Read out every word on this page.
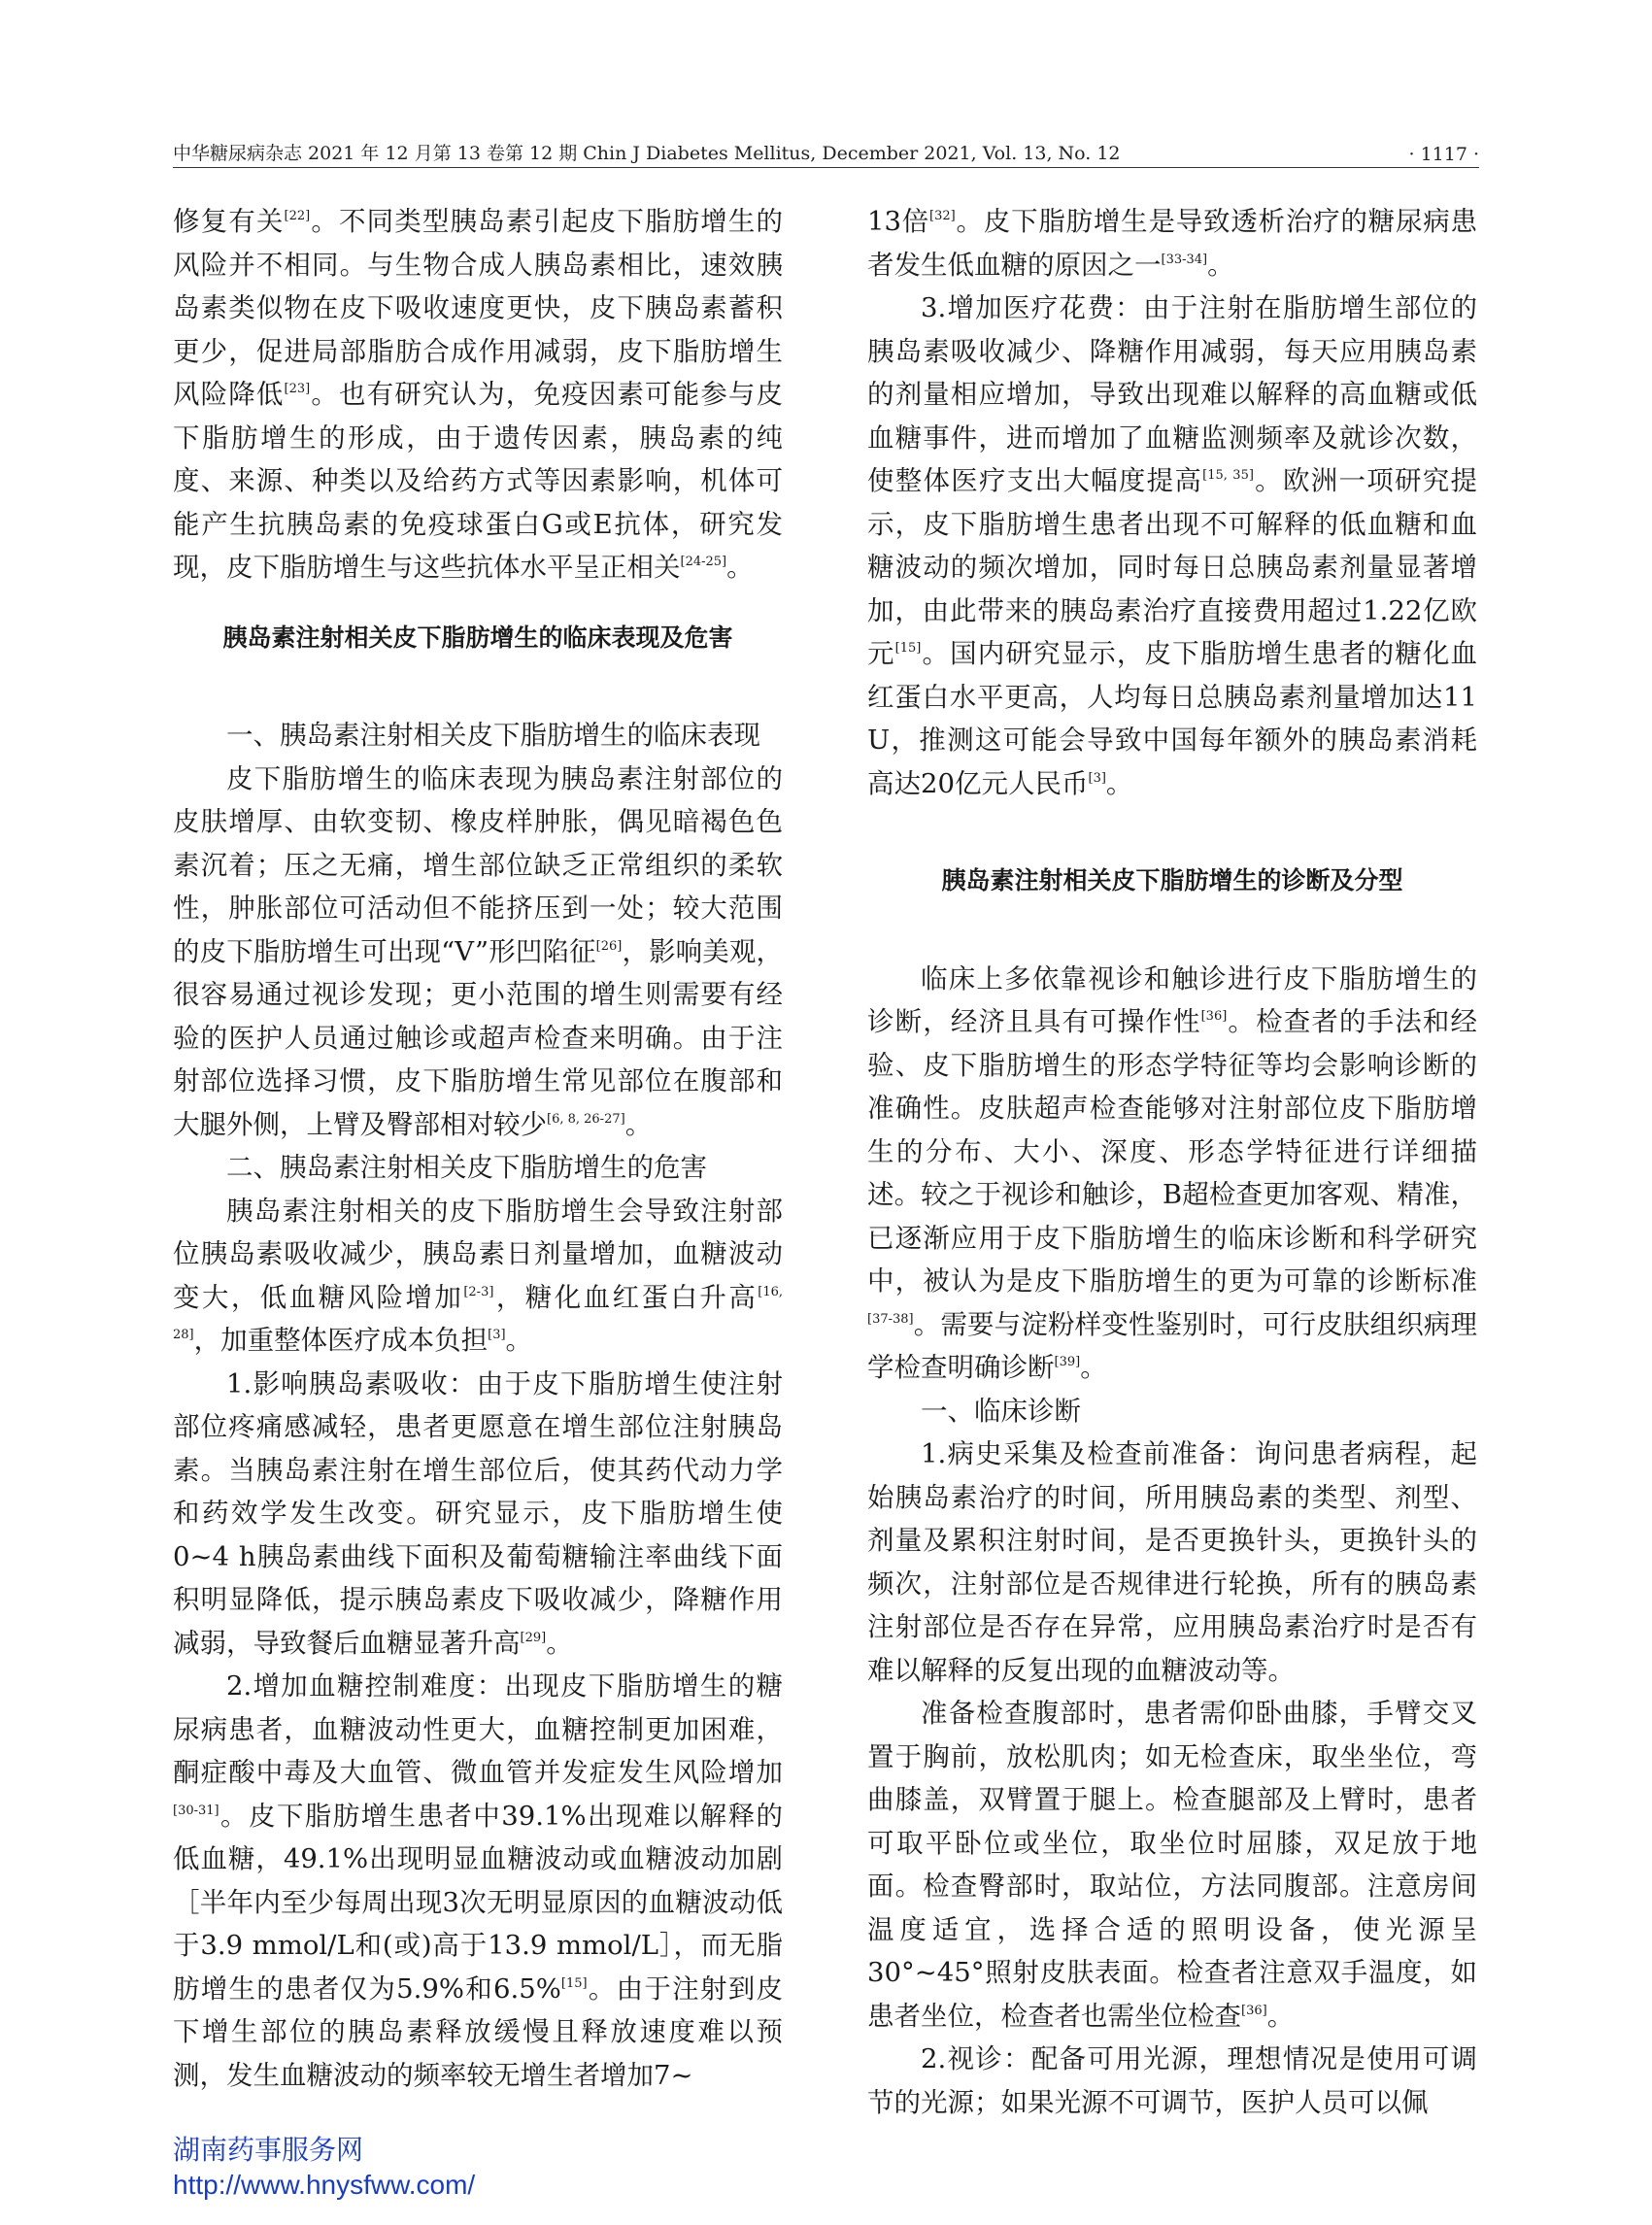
中华糖尿病杂志 2021 年 12 月第 13 卷第 12 期 Chin J Diabetes Mellitus, December 2021, Vol. 13, No. 12	· 1117 ·

修复有关[22]。不同类型胰岛素引起皮下脂肪增生的风险并不相同。与生物合成人胰岛素相比，速效胰岛素类似物在皮下吸收速度更快，皮下胰岛素蓄积更少，促进局部脂肪合成作用减弱，皮下脂肪增生风险降低[23]。也有研究认为，免疫因素可能参与皮下脂肪增生的形成，由于遗传因素，胰岛素的纯度、来源、种类以及给药方式等因素影响，机体可能产生抗胰岛素的免疫球蛋白G或E抗体，研究发现，皮下脂肪增生与这些抗体水平呈正相关[24-25]。

胰岛素注射相关皮下脂肪增生的临床表现及危害

一、胰岛素注射相关皮下脂肪增生的临床表现

皮下脂肪增生的临床表现为胰岛素注射部位的皮肤增厚、由软变韧、橡皮样肿胀，偶见暗褐色色素沉着；压之无痛，增生部位缺乏正常组织的柔软性，肿胀部位可活动但不能挤压到一处；较大范围的皮下脂肪增生可出现“V”形凹陷征[26]，影响美观，很容易通过视诊发现；更小范围的增生则需要有经验的医护人员通过触诊或超声检查来明确。由于注射部位选择习惯，皮下脂肪增生常见部位在腹部和大腿外侧，上臂及臀部相对较少[6, 8, 26-27]。

二、胰岛素注射相关皮下脂肪增生的危害

胰岛素注射相关的皮下脂肪增生会导致注射部位胰岛素吸收减少，胰岛素日剂量增加，血糖波动变大，低血糖风险增加[2-3]，糖化血红蛋白升高[16, 28]，加重整体医疗成本负担[3]。

1.影响胰岛素吸收：由于皮下脂肪增生使注射部位疼痛感减轻，患者更愿意在增生部位注射胰岛素。当胰岛素注射在增生部位后，使其药代动力学和药效学发生改变。研究显示，皮下脂肪增生使0~4 h胰岛素曲线下面积及葡萄糖输注率曲线下面积明显降低，提示胰岛素皮下吸收减少，降糖作用减弱，导致餐后血糖显著升高[29]。

2.增加血糖控制难度：出现皮下脂肪增生的糖尿病患者，血糖波动性更大，血糖控制更加困难，酮症酸中毒及大血管、微血管并发症发生风险增加[30-31]。皮下脂肪增生患者中39.1%出现难以解释的低血糖，49.1%出现明显血糖波动或血糖波动加剧［半年内至少每周出现3次无明显原因的血糖波动低于3.9 mmol/L和(或)高于13.9 mmol/L］，而无脂肪增生的患者仅为5.9%和6.5%[15]。由于注射到皮下增生部位的胰岛素释放缓慢且释放速度难以预测，发生血糖波动的频率较无增生者增加7~

13倍[32]。皮下脂肪增生是导致透析治疗的糖尿病患者发生低血糖的原因之一[33-34]。

3.增加医疗花费：由于注射在脂肪增生部位的胰岛素吸收减少、降糖作用减弱，每天应用胰岛素的剂量相应增加，导致出现难以解释的高血糖或低血糖事件，进而增加了血糖监测频率及就诊次数，使整体医疗支出大幅度提高[15, 35]。欧洲一项研究提示，皮下脂肪增生患者出现不可解释的低血糖和血糖波动的频次增加，同时每日总胰岛素剂量显著增加，由此带来的胰岛素治疗直接费用超过1.22亿欧元[15]。国内研究显示，皮下脂肪增生患者的糖化血红蛋白水平更高，人均每日总胰岛素剂量增加达11 U，推测这可能会导致中国每年额外的胰岛素消耗高达20亿元人民币[3]。

胰岛素注射相关皮下脂肪增生的诊断及分型

临床上多依靠视诊和触诊进行皮下脂肪增生的诊断，经济且具有可操作性[36]。检查者的手法和经验、皮下脂肪增生的形态学特征等均会影响诊断的准确性。皮肤超声检查能够对注射部位皮下脂肪增生的分布、大小、深度、形态学特征进行详细描述。较之于视诊和触诊，B超检查更加客观、精准，已逐渐应用于皮下脂肪增生的临床诊断和科学研究中，被认为是皮下脂肪增生的更为可靠的诊断标准[37-38]。需要与淀粉样变性鉴别时，可行皮肤组织病理学检查明确诊断[39]。

一、临床诊断

1.病史采集及检查前准备：询问患者病程，起始胰岛素治疗的时间，所用胰岛素的类型、剂型、剂量及累积注射时间，是否更换针头，更换针头的频次，注射部位是否规律进行轮换，所有的胰岛素注射部位是否存在异常，应用胰岛素治疗时是否有难以解释的反复出现的血糖波动等。

准备检查腹部时，患者需仰卧曲膝，手臂交叉置于胸前，放松肌肉；如无检查床，取坐坐位，弯曲膝盖，双臂置于腿上。检查腿部及上臂时，患者可取平卧位或坐位，取坐位时屈膝，双足放于地面。检查臀部时，取站位，方法同腹部。注意房间温度适宜，选择合适的照明设备，使光源呈30°~45°照射皮肤表面。检查者注意双手温度，如患者坐位，检查者也需坐位检查[36]。

2.视诊：配备可用光源，理想情况是使用可调节的光源；如果光源不可调节，医护人员可以佩

湖南药事服务网
http://www.hnysfww.com/
